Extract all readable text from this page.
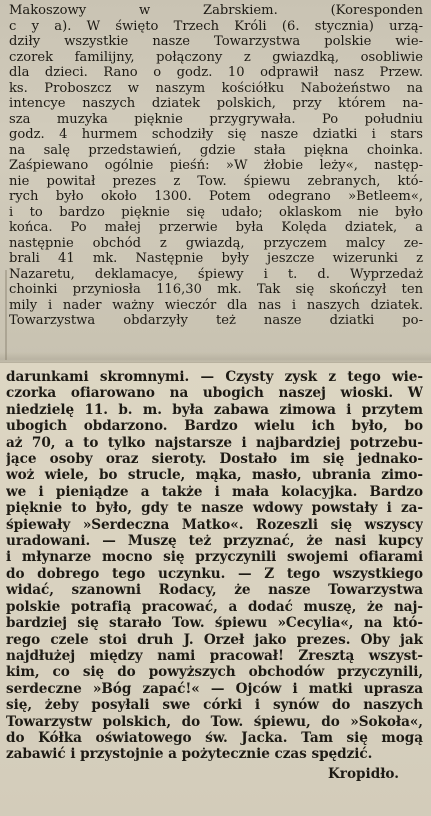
Makoszowy w Zabrskiem. (Koresponden
c y a). W święto Trzech Króli (6. stycznia) urzą-
dziły wszystkie nasze Towarzystwa polskie wie-
czorek familijny, połączony z gwiazdką, osobliwie
dla dzieci. Rano o godz. 10 odprawił nasz Przew.
ks. Proboszcz w naszym kościółku Nabożeństwo na
intencye naszych dziatek polskich, przy którem na-
sza muzyka pięknie przygrywała. Po południu
godz. 4 hurmem schodziły się nasze dziatki i stars
na salę przedstawień, gdzie stała piękna choinka.
Zaśpiewano ogólnie pieśń: »W żłobie leży«, następ-
nie powitał prezes z Tow. śpiewu zebranych, któ-
rych było około 1300. Potem odegrano »Betleem«,
i to bardzo pięknie się udało; oklaskom nie było
końca. Po małej przerwie była Kolęda dziatek, a
następnie obchód z gwiazdą, przyczem malcy ze-
brali 41 mk. Następnie były jeszcze wizerunki z
Nazaretu, deklamacye, śpiewy i t. d. Wyprzedaż
choinki przyniosła 116,30 mk. Tak się skończył ten
mily i nader ważny wieczór dla nas i naszych dziatek.
Towarzystwa obdarzyły też nasze dziatki po-
darunkami skromnymi. — Czysty zysk z tego wie-
czorka ofiarowano na ubogich naszej wioski. W
niedzielę 11. b. m. była zabawa zimowa i przytem
ubogich obdarzono. Bardzo wielu ich było, bo
aż 70, a to tylko najstarsze i najbardziej potrzebu-
jące osoby oraz sieroty. Dostało im się jednako-
woż wiele, bo strucle, mąka, masło, ubrania zimo-
we i pieniądze a także i mała kolacyjka. Bardzo
pięknie to było, gdy te nasze wdowy powstały i za-
śpiewały »Serdeczna Matko«. Rozeszli się wszyscy
uradowani. — Muszę też przyznać, że nasi kupcy
i młynarze mocno się przyczynili swojemi ofiarami
do dobrego tego uczynku. — Z tego wszystkiego
widać, szanowni Rodacy, że nasze Towarzystwa
polskie potrafią pracować, a dodać muszę, że naj-
bardziej się starało Tow. śpiewu »Cecylia«, na któ-
rego czele stoi druh J. Orzeł jako prezes. Oby jak
najdłużej między nami pracował! Zresztą wszyst-
kim, co się do powyższych obchodów przyczynili,
serdeczne »Bóg zapać!« — Ojców i matki uprasza
się, żeby posyłali swe córki i synów do naszych
Towarzystw polskich, do Tow. śpiewu, do »Sokoła«,
do Kółka oświatowego św. Jacka. Tam się mogą
zabawić i przystojnie a pożytecznie czas spędzić.
Kropidło.
